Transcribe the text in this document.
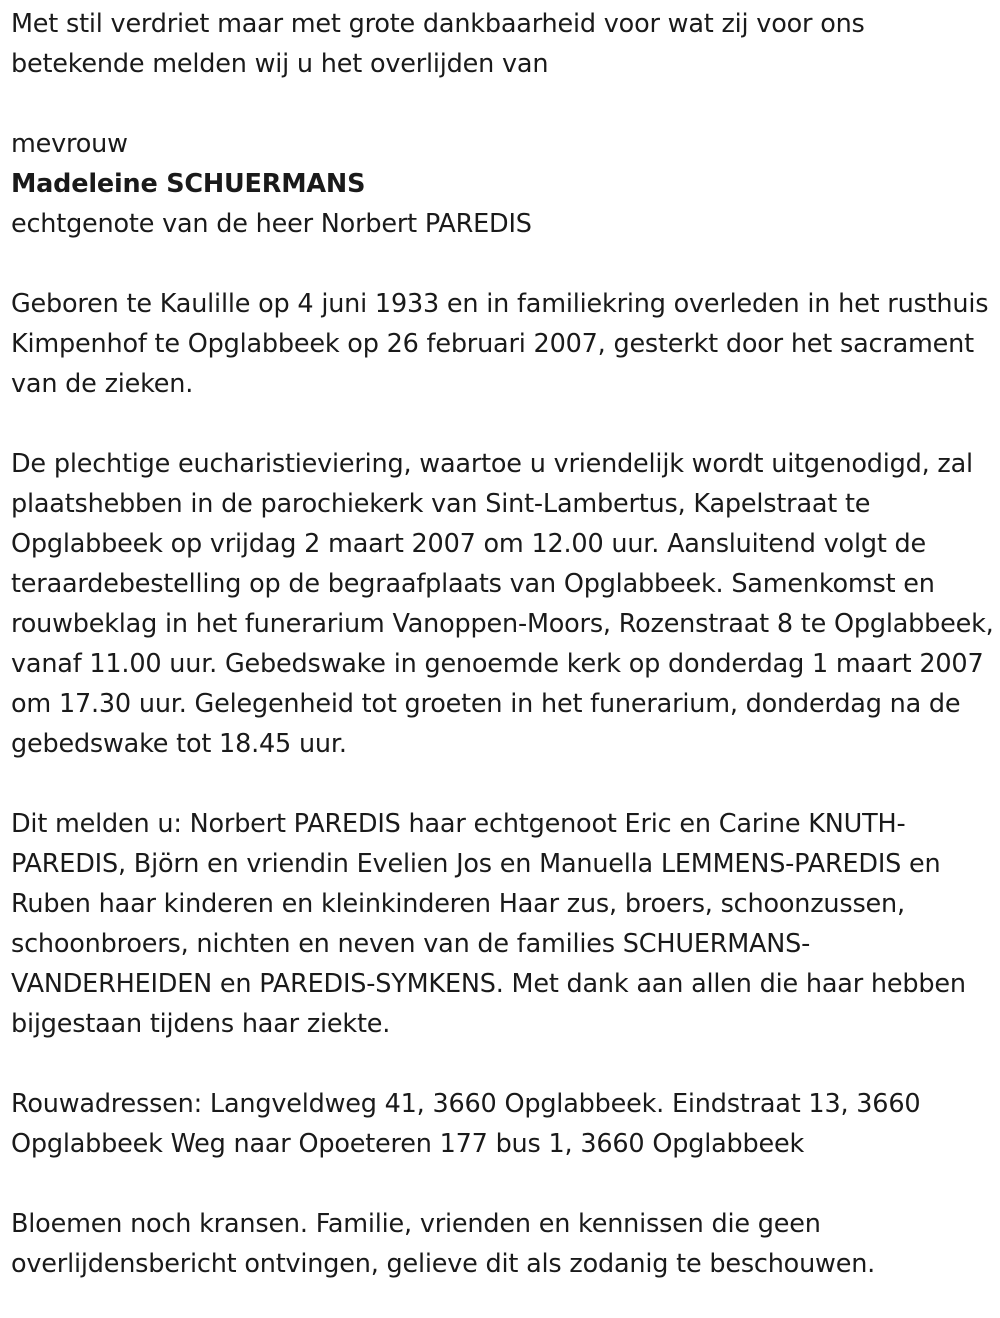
Met stil verdriet maar met grote dankbaarheid voor wat zij voor ons betekende melden wij u het overlijden van

mevrouw

Madeleine SCHUERMANS

echtgenote van de heer Norbert PAREDIS

Geboren te Kaulille op 4 juni 1933 en in familiekring overleden in het rusthuis Kimpenhof te Opglabbeek op 26 februari 2007, gesterkt door het sacrament van de zieken.

De plechtige eucharistieviering, waartoe u vriendelijk wordt uitgenodigd, zal plaatshebben in de parochiekerk van Sint-Lambertus, Kapelstraat te Opglabbeek op vrijdag 2 maart 2007 om 12.00 uur. Aansluitend volgt de teraardebestelling op de begraafplaats van Opglabbeek. Samenkomst en rouwbeklag in het funerarium Vanoppen-Moors, Rozenstraat 8 te Opglabbeek, vanaf 11.00 uur. Gebedswake in genoemde kerk op donderdag 1 maart 2007 om 17.30 uur. Gelegenheid tot groeten in het funerarium, donderdag na de gebedswake tot 18.45 uur.

Dit melden u: Norbert PAREDIS haar echtgenoot Eric en Carine KNUTH-PAREDIS, Björn en vriendin Evelien Jos en Manuella LEMMENS-PAREDIS en Ruben haar kinderen en kleinkinderen Haar zus, broers, schoonzussen, schoonbroers, nichten en neven van de families SCHUERMANS-VANDERHEIDEN en PAREDIS-SYMKENS. Met dank aan allen die haar hebben bijgestaan tijdens haar ziekte.

Rouwadressen: Langveldweg 41, 3660 Opglabbeek. Eindstraat 13, 3660 Opglabbeek Weg naar Opoeteren 177 bus 1, 3660 Opglabbeek

Bloemen noch kransen. Familie, vrienden en kennissen die geen overlijdensbericht ontvingen, gelieve dit als zodanig te beschouwen.
